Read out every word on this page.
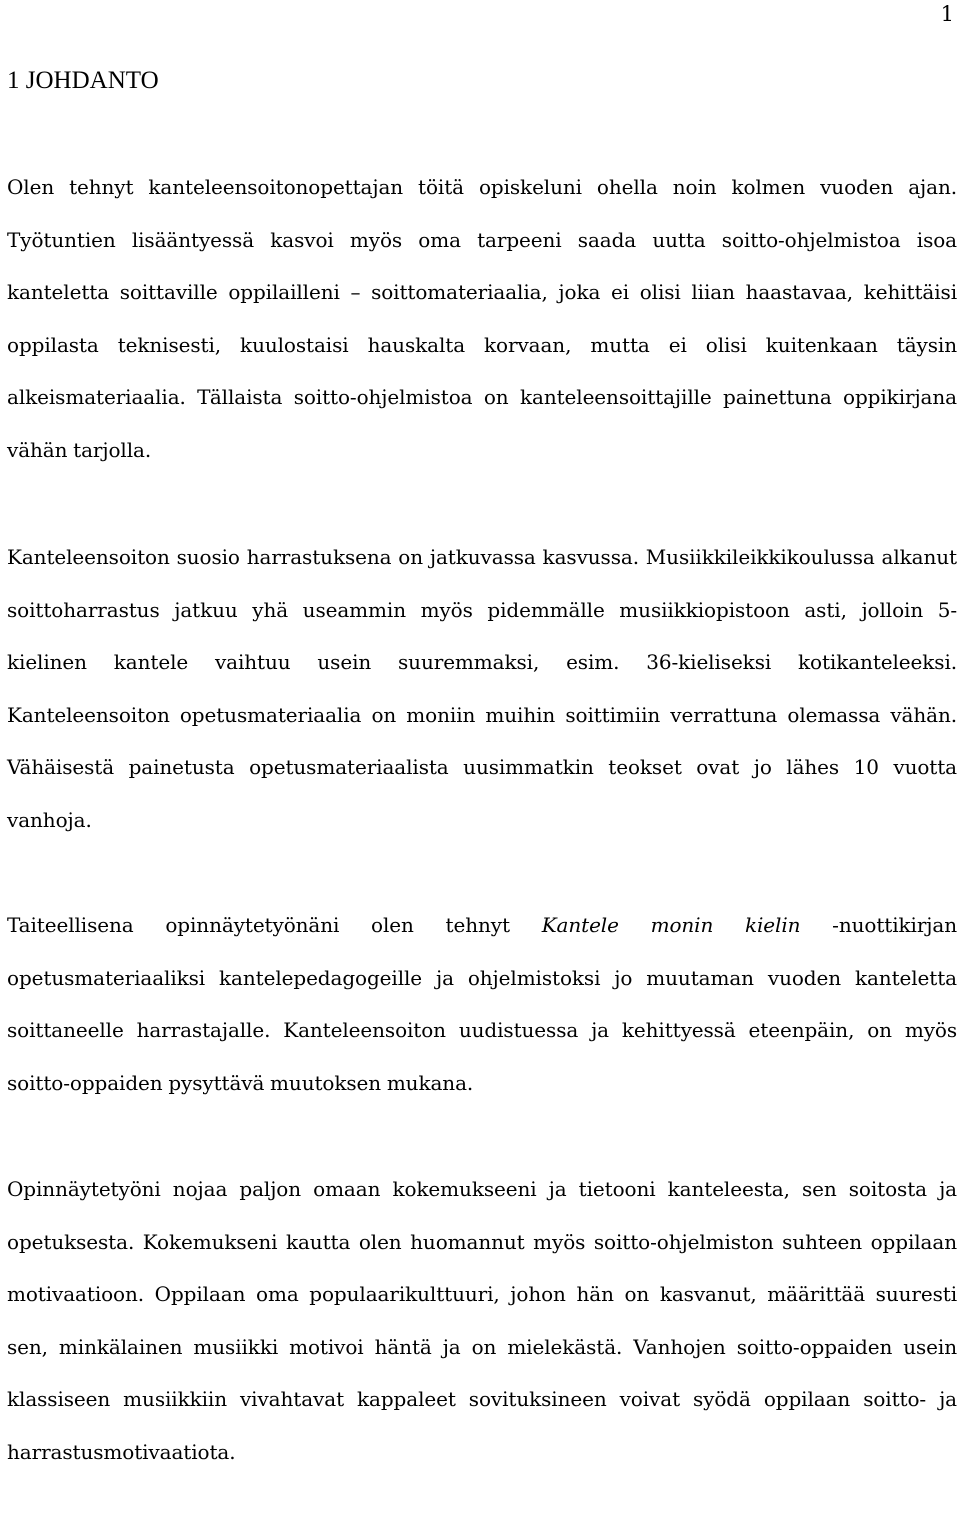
1
1 JOHDANTO

Olen tehnyt kanteleensoitonopettajan töitä opiskeluni ohella noin kolmen vuoden ajan. Työtuntien lisääntyessä kasvoi myös oma tarpeeni saada uutta soitto-ohjelmistoa isoa kanteletta soittaville oppilailleni – soittomateriaalia, joka ei olisi liian haastavaa, kehittäisi oppilasta teknisesti, kuulostaisi hauskalta korvaan, mutta ei olisi kuitenkaan täysin alkeismateriaalia. Tällaista soitto-ohjelmistoa on kanteleensoittajille painettuna oppikirjana vähän tarjolla.

Kanteleensoiton suosio harrastuksena on jatkuvassa kasvussa. Musiikkileikkikoulussa alkanut soittoharrastus jatkuu yhä useammin myös pidemmälle musiikkiopistoon asti, jolloin 5-kielinen kantele vaihtuu usein suuremmaksi, esim. 36-kieliseksi kotikanteleeksi. Kanteleensoiton opetusmateriaalia on moniin muihin soittimiin verrattuna olemassa vähän. Vähäisestä painetusta opetusmateriaalista uusimmatkin teokset ovat jo lähes 10 vuotta vanhoja.

Taiteellisena opinnäytetyönäni olen tehnyt Kantele monin kielin -nuottikirjan opetusmateriaaliksi kantelepedagogeille ja ohjelmistoksi jo muutaman vuoden kanteletta soittaneelle harrastajalle. Kanteleensoiton uudistuessa ja kehittyessä eteenpäin, on myös soitto-oppaiden pysyttävä muutoksen mukana.

Opinnäytetyöni nojaa paljon omaan kokemukseeni ja tietooni kanteleesta, sen soitosta ja opetuksesta. Kokemukseni kautta olen huomannut myös soitto-ohjelmiston suhteen oppilaan motivaatioon. Oppilaan oma populaarikulttuuri, johon hän on kasvanut, määrittää suuresti sen, minkälainen musiikki motivoi häntä ja on mielekästä. Vanhojen soitto-oppaiden usein klassiseen musiikkiin vivahtavat kappaleet sovituksineen voivat syödä oppilaan soitto- ja harrastusmotivaatiota.
